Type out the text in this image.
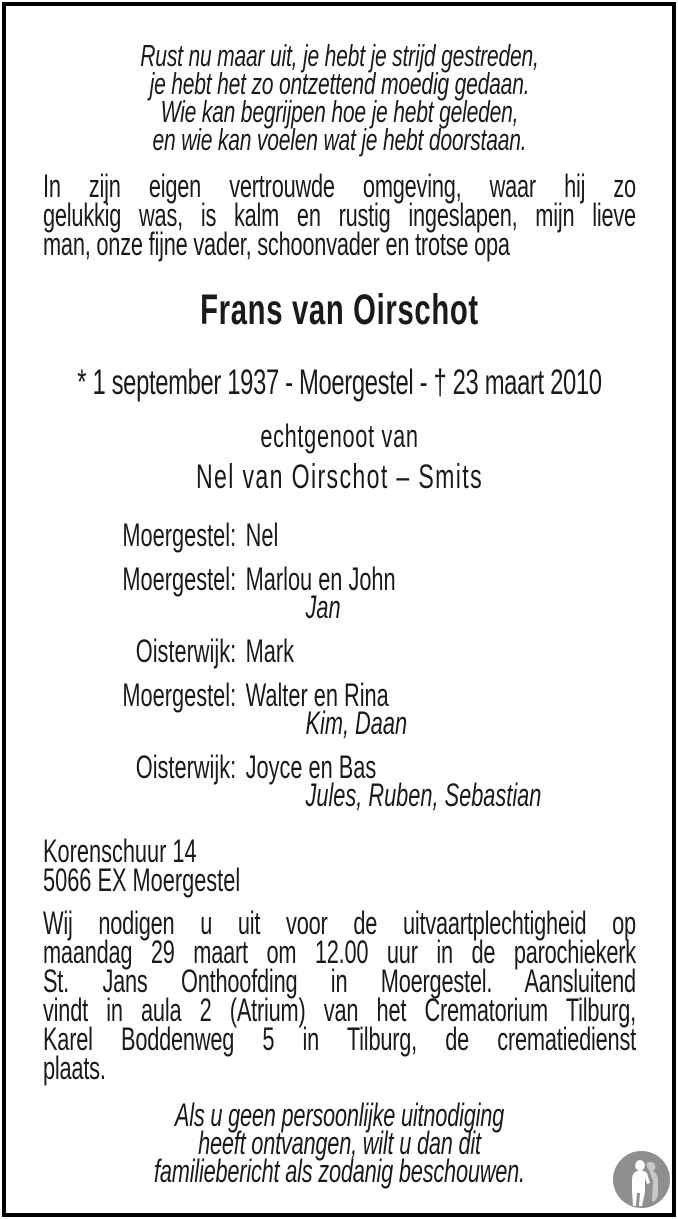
Rust nu maar uit, je hebt je strijd gestreden,
je hebt het zo ontzettend moedig gedaan.
Wie kan begrijpen hoe je hebt geleden,
en wie kan voelen wat je hebt doorstaan.
In zijn eigen vertrouwde omgeving, waar hij zo
gelukkig was, is kalm en rustig ingeslapen, mijn lieve
man, onze fijne vader, schoonvader en trotse opa
Frans van Oirschot
* 1 september 1937 - Moergestel - † 23 maart 2010
echtgenoot van
Nel van Oirschot – Smits
Moergestel: Nel
Moergestel: Marlou en John
Jan
Oisterwijk: Mark
Moergestel: Walter en Rina
Kim, Daan
Oisterwijk: Joyce en Bas
Jules, Ruben, Sebastian
Korenschuur 14
5066 EX Moergestel
Wij nodigen u uit voor de uitvaartplechtigheid op
maandag 29 maart om 12.00 uur in de parochiekerk
St. Jans Onthoofding in Moergestel. Aansluitend
vindt in aula 2 (Atrium) van het Crematorium Tilburg,
Karel Boddenweg 5 in Tilburg, de crematiedienst
plaats.
Als u geen persoonlijke uitnodiging
heeft ontvangen, wilt u dan dit
familiebericht als zodanig beschouwen.
